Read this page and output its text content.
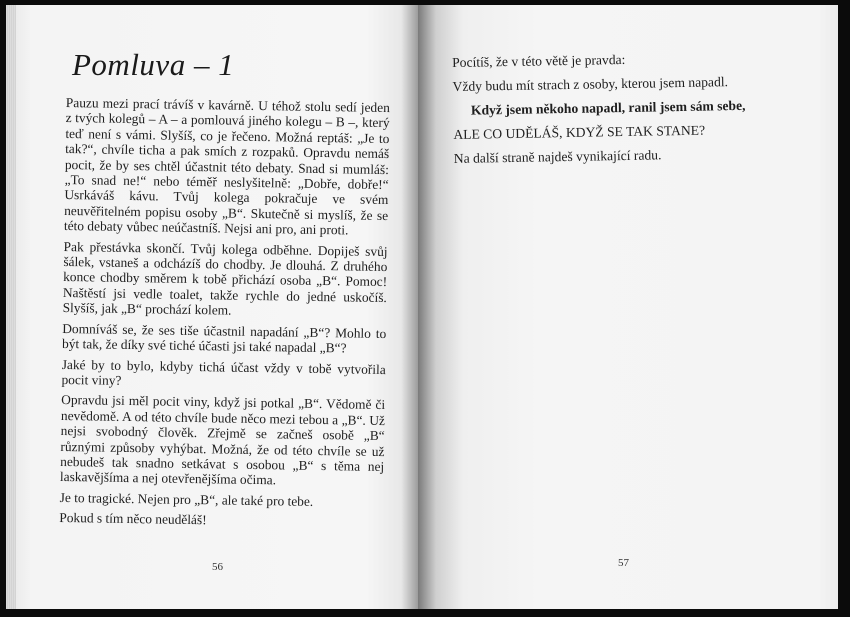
Pomluva – 1

Pauzu mezi prací trávíš v kavárně. U téhož stolu sedí jeden z tvých kolegů – A – a pomlouvá jiného kolegu – B –, který teď není s vámi. Slyšíš, co je řečeno. Možná reptáš: „Je to tak?“, chvíle ticha a pak smích z rozpaků. Opravdu nemáš pocit, že by ses chtěl účastnit této debaty. Snad si mumláš: „To snad ne!“ nebo téměř neslyšitelně: „Dobře, dobře!“ Usrkáváš kávu. Tvůj kolega pokračuje ve svém neuvěřitelném popisu osoby „B“. Skutečně si myslíš, že se této debaty vůbec neúčastníš. Nejsi ani pro, ani proti.

Pak přestávka skončí. Tvůj kolega odběhne. Dopiješ svůj šálek, vstaneš a odcházíš do chodby. Je dlouhá. Z druhého konce chodby směrem k tobě přichází osoba „B“. Pomoc! Naštěstí jsi vedle toalet, takže rychle do jedné uskočíš. Slyšíš, jak „B“ prochází kolem.

Domníváš se, že ses tiše účastnil napadání „B“? Mohlo to být tak, že díky své tiché účasti jsi také napadal „B“?

Jaké by to bylo, kdyby tichá účast vždy v tobě vytvořila pocit viny?

Opravdu jsi měl pocit viny, když jsi potkal „B“. Vědomě či nevědomě. A od této chvíle bude něco mezi tebou a „B“. Už nejsi svobodný člověk. Zřejmě se začneš osobě „B“ různými způsoby vyhýbat. Možná, že od této chvíle se už nebudeš tak snadno setkávat s osobou „B“ s těma nej laskavějšíma a nej otevřenějšíma očima.

Je to tragické. Nejen pro „B“, ale také pro tebe.

Pokud s tím něco neuděláš!

56

Pocítíš, že v této větě je pravda:

Vždy budu mít strach z osoby, kterou jsem napadl.

Když jsem někoho napadl, ranil jsem sám sebe,

ALE CO UDĚLÁŠ, KDYŽ SE TAK STANE?

Na další straně najdeš vynikající radu.

57
